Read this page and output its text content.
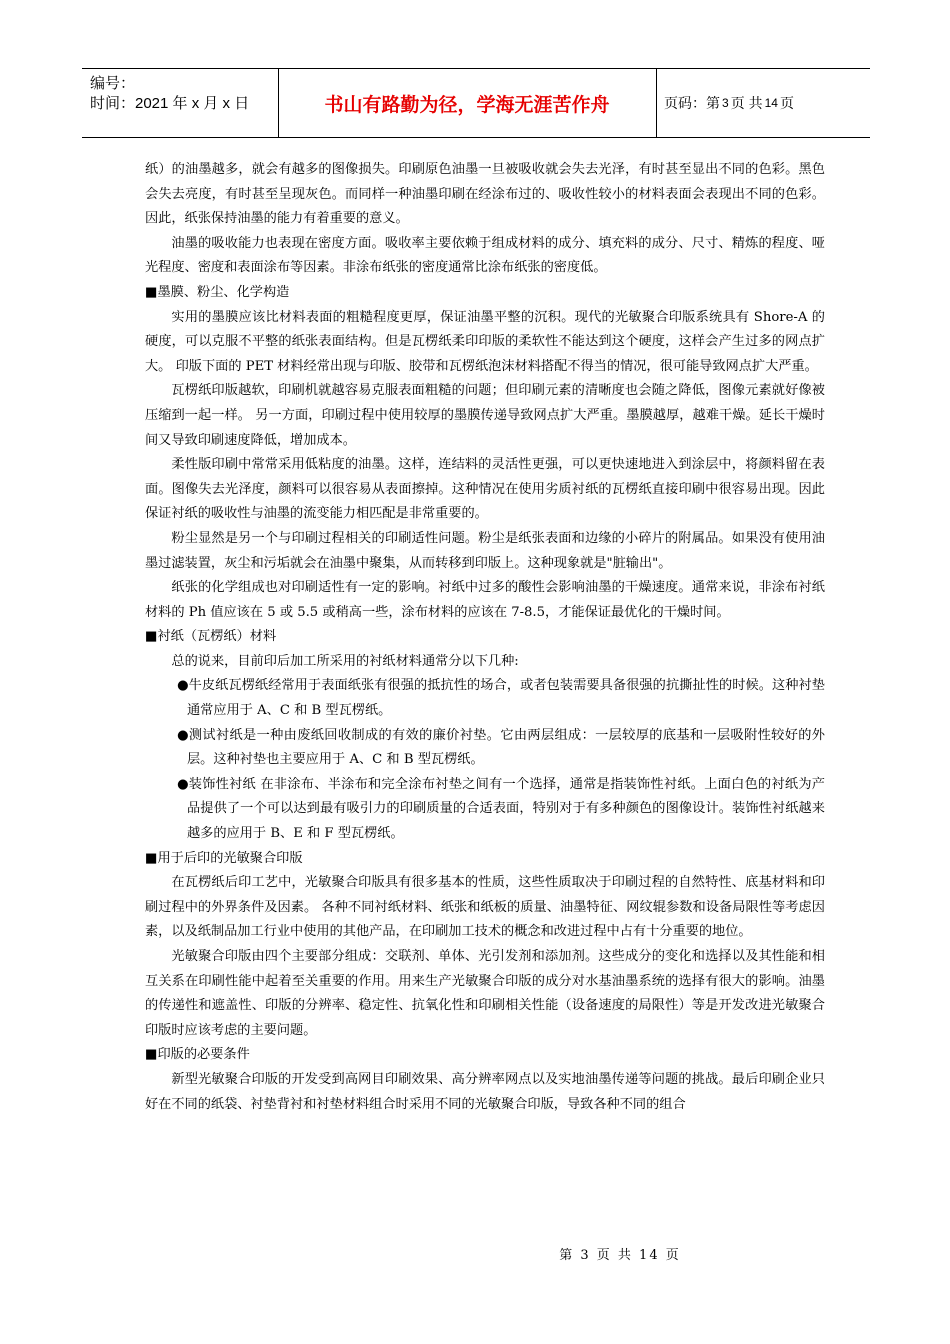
编号：
时间：2021 年 x 月 x 日	书山有路勤为径，学海无涯苦作舟	页码：第 3 页 共 14 页

纸）的油墨越多，就会有越多的图像损失。印刷原色油墨一旦被吸收就会失去光泽，有时甚至显出不同的色彩。黑色会失去亮度，有时甚至呈现灰色。而同样一种油墨印刷在经涂布过的、吸收性较小的材料表面会表现出不同的色彩。因此，纸张保持油墨的能力有着重要的意义。

油墨的吸收能力也表现在密度方面。吸收率主要依赖于组成材料的成分、填充料的成分、尺寸、精炼的程度、哑光程度、密度和表面涂布等因素。非涂布纸张的密度通常比涂布纸张的密度低。

■墨膜、粉尘、化学构造

实用的墨膜应该比材料表面的粗糙程度更厚，保证油墨平整的沉积。现代的光敏聚合印版系统具有 Shore-A 的硬度，可以克服不平整的纸张表面结构。但是瓦楞纸柔印印版的柔软性不能达到这个硬度，这样会产生过多的网点扩大。 印版下面的 PET 材料经常出现与印版、胶带和瓦楞纸泡沫材料搭配不得当的情况，很可能导致网点扩大严重。

瓦楞纸印版越软，印刷机就越容易克服表面粗糙的问题；但印刷元素的清晰度也会随之降低，图像元素就好像被压缩到一起一样。 另一方面，印刷过程中使用较厚的墨膜传递导致网点扩大严重。墨膜越厚，越难干燥。延长干燥时间又导致印刷速度降低，增加成本。

柔性版印刷中常常采用低粘度的油墨。这样，连结料的灵活性更强，可以更快速地进入到涂层中，将颜料留在表面。图像失去光泽度，颜料可以很容易从表面擦掉。这种情况在使用劣质衬纸的瓦楞纸直接印刷中很容易出现。因此保证衬纸的吸收性与油墨的流变能力相匹配是非常重要的。

粉尘显然是另一个与印刷过程相关的印刷适性问题。粉尘是纸张表面和边缘的小碎片的附属品。如果没有使用油墨过滤装置，灰尘和污垢就会在油墨中聚集，从而转移到印版上。这种现象就是"脏输出"。

纸张的化学组成也对印刷适性有一定的影响。衬纸中过多的酸性会影响油墨的干燥速度。通常来说，非涂布衬纸材料的 Ph 值应该在 5 或 5.5 或稍高一些，涂布材料的应该在 7-8.5，才能保证最优化的干燥时间。

■衬纸（瓦楞纸）材料

总的说来，目前印后加工所采用的衬纸材料通常分以下几种:

●牛皮纸瓦楞纸经常用于表面纸张有很强的抵抗性的场合，或者包装需要具备很强的抗撕扯性的时候。这种衬垫通常应用于 A、C 和 B 型瓦楞纸。

●测试衬纸是一种由废纸回收制成的有效的廉价衬垫。它由两层组成：一层较厚的底基和一层吸附性较好的外层。这种衬垫也主要应用于 A、C 和 B 型瓦楞纸。

●装饰性衬纸 在非涂布、半涂布和完全涂布衬垫之间有一个选择，通常是指装饰性衬纸。上面白色的衬纸为产品提供了一个可以达到最有吸引力的印刷质量的合适表面，特别对于有多种颜色的图像设计。装饰性衬纸越来越多的应用于 B、E 和 F 型瓦楞纸。

■用于后印的光敏聚合印版

在瓦楞纸后印工艺中，光敏聚合印版具有很多基本的性质，这些性质取决于印刷过程的自然特性、底基材料和印刷过程中的外界条件及因素。 各种不同衬纸材料、纸张和纸板的质量、油墨特征、网纹辊参数和设备局限性等考虑因素，以及纸制品加工行业中使用的其他产品，在印刷加工技术的概念和改进过程中占有十分重要的地位。

光敏聚合印版由四个主要部分组成：交联剂、单体、光引发剂和添加剂。这些成分的变化和选择以及其性能和相互关系在印刷性能中起着至关重要的作用。用来生产光敏聚合印版的成分对水基油墨系统的选择有很大的影响。油墨的传递性和遮盖性、印版的分辨率、稳定性、抗氧化性和印刷相关性能（设备速度的局限性）等是开发改进光敏聚合印版时应该考虑的主要问题。

■印版的必要条件

新型光敏聚合印版的开发受到高网目印刷效果、高分辨率网点以及实地油墨传递等问题的挑战。最后印刷企业只好在不同的纸袋、衬垫背衬和衬垫材料组合时采用不同的光敏聚合印版，导致各种不同的组合

第 3 页 共 14 页
